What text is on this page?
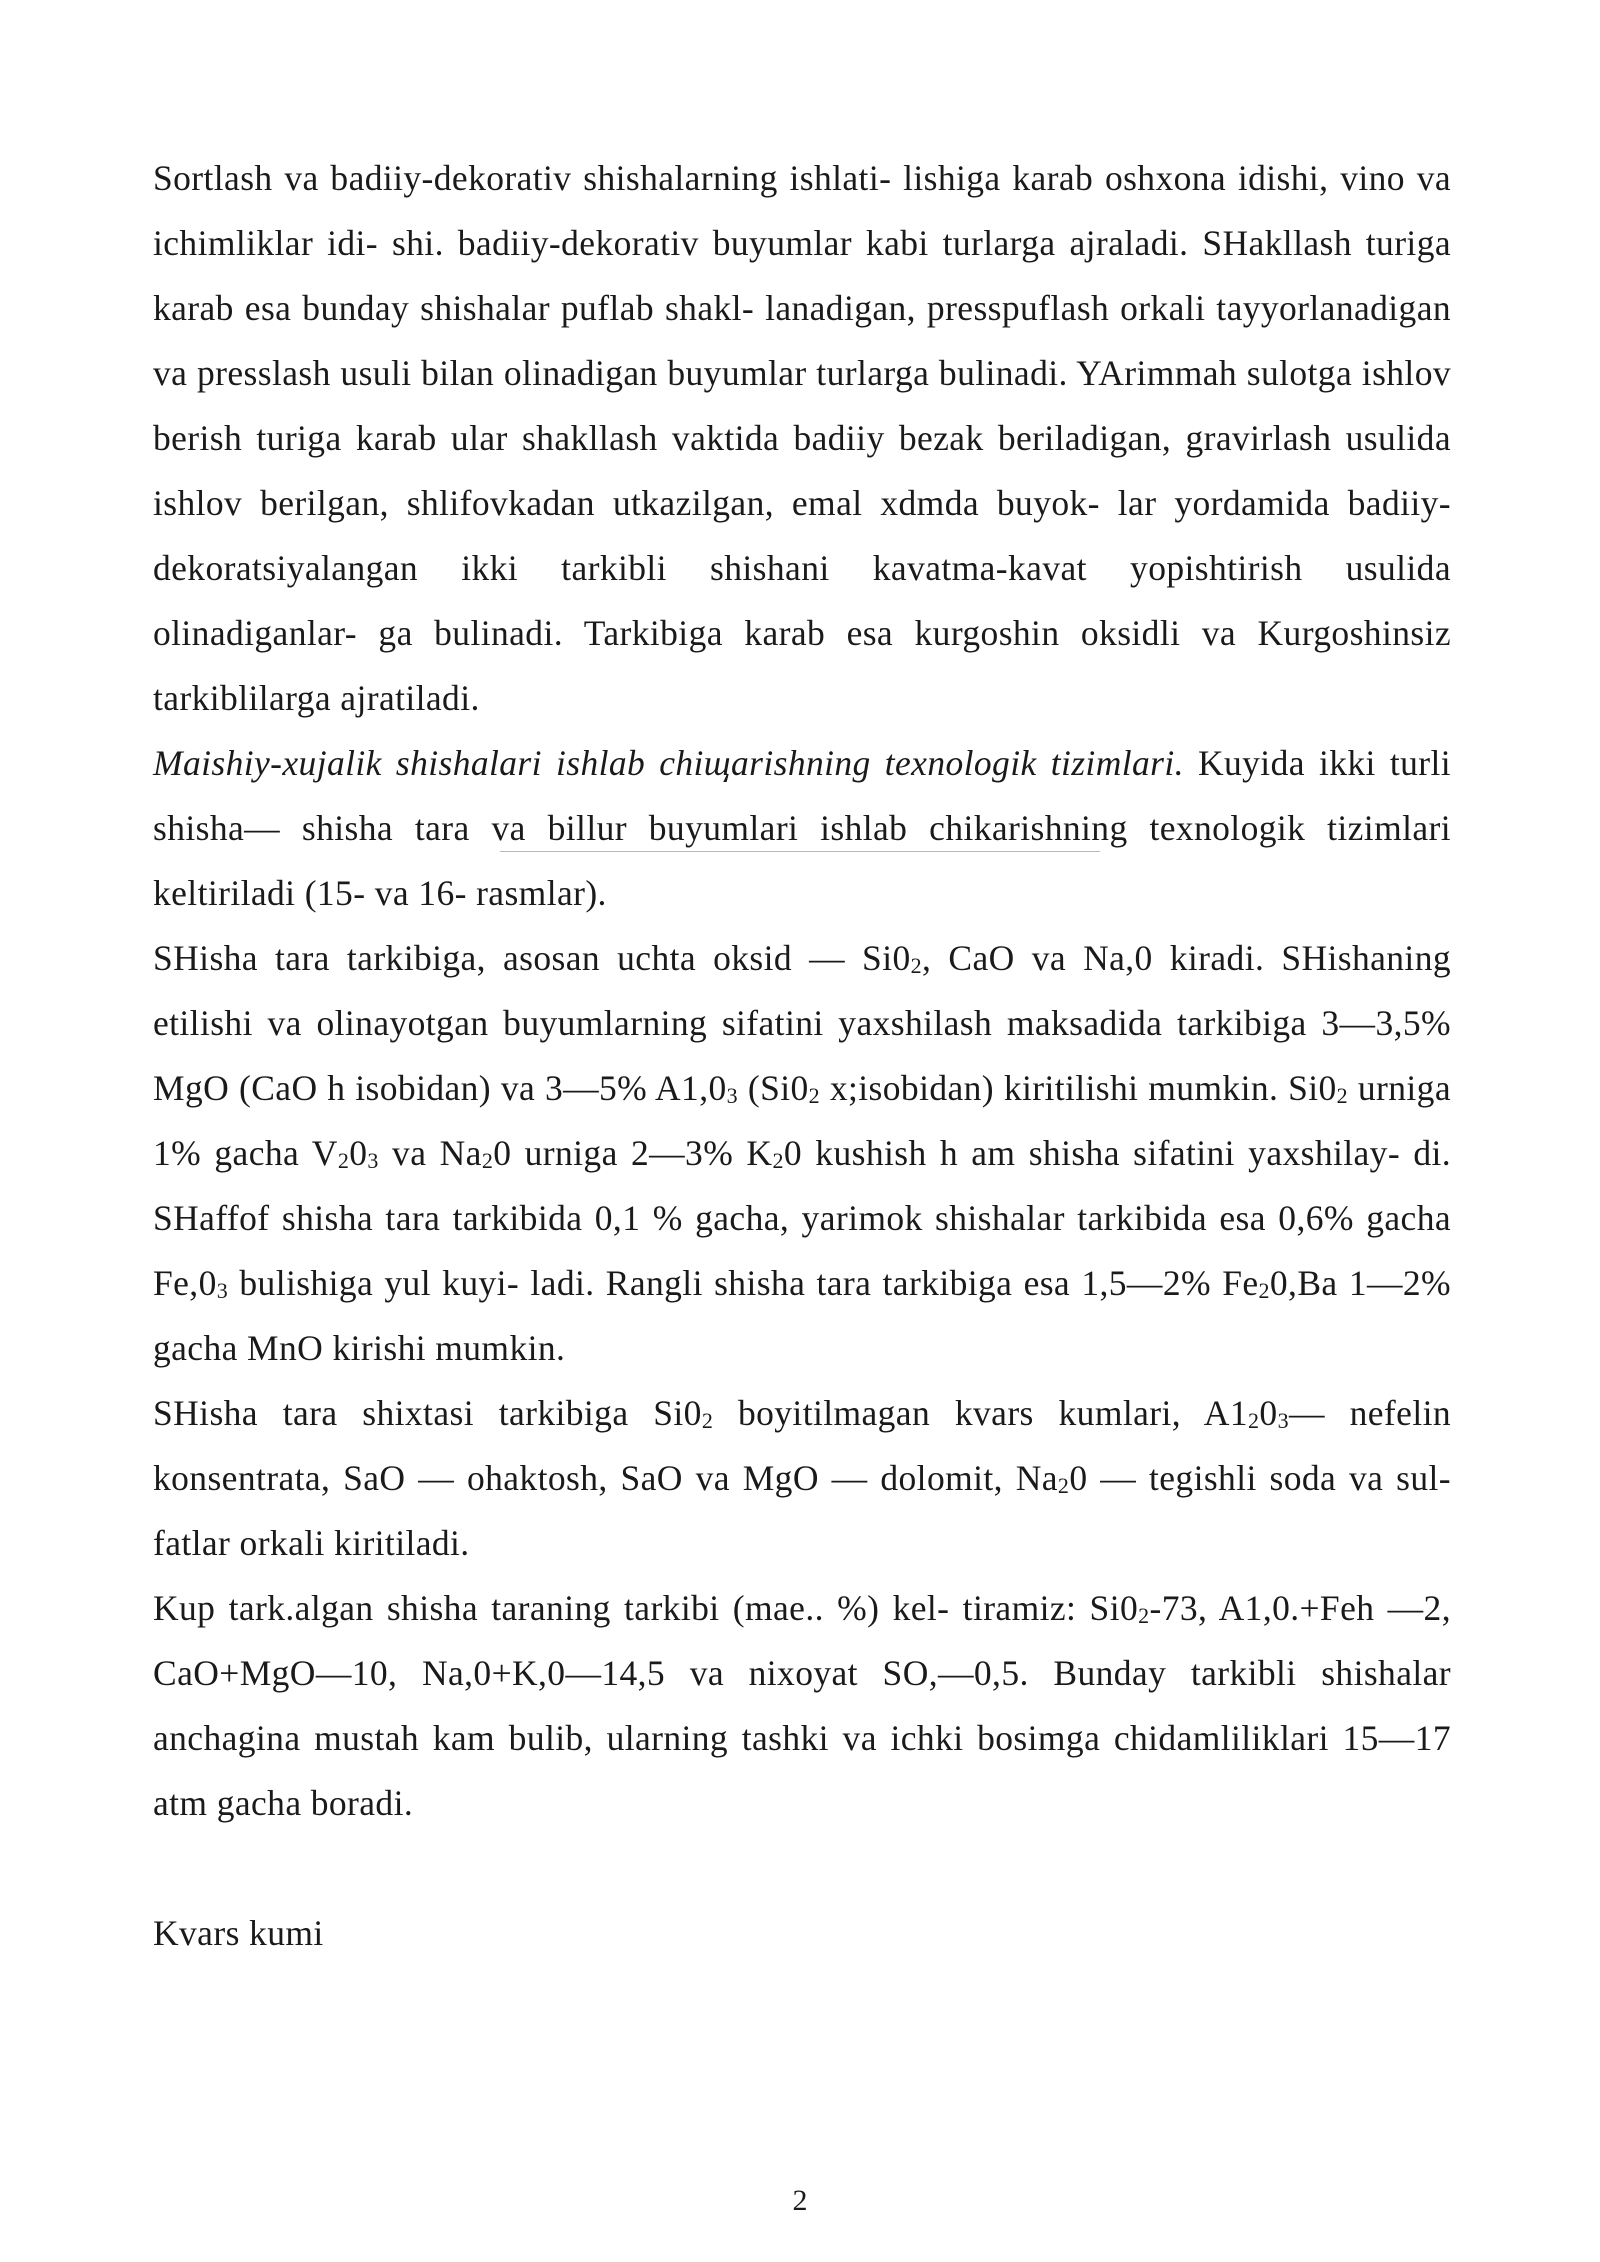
Sortlash va badiiy-dekorativ shishalarning ishlati- lishiga karab oshxona idishi, vino va ichimliklar idi- shi. badiiy-dekorativ buyumlar kabi turlarga ajraladi. SHakllash turiga karab esa bunday shishalar puflab shakl- lanadigan, presspuflash orkali tayyorlanadigan va presslash usuli bilan olinadigan buyumlar turlarga bulinadi. YArimmah sulotga ishlov berish turiga karab ular shakllash vaktida badiiy bezak beriladigan, gravirlash usulida ishlov berilgan, shlifovkadan utkazilgan, emal xdmda buyok- lar yordamida badiiy-dekoratsiyalangan ikki tarkibli shishani kavatma-kavat yopishtirish usulida olinadiganlar- ga bulinadi. Tarkibiga karab esa kurgoshin oksidli va Kurgoshinsiz tarkiblilarga ajratiladi.

Maishiy-xujalik shishalari ishlab chiщarishning texnologik tizimlari. Kuyida ikki turli shisha— shisha tara va billur buyumlari ishlab chikarishning texnologik tizimlari keltiriladi (15- va 16- rasmlar).

SHisha tara tarkibiga, asosan uchta oksid — $Si0_2$, CaO va Na,0 kiradi. SHishaning etilishi va olinayotgan buyumlarning sifatini yaxshilash maksadida tarkibiga 3—3,5% MgO (CaO h isobidan) va 3—5% $A1,0_3$ ($Si0_2$ x;isobidan) kiritilishi mumkin. $Si0_2$ urniga 1% gacha $V_20_3$ va $Na_20$ urniga 2—3% $K_20$ kushish h am shisha sifatini yaxshilay- di. SHaffof shisha tara tarkibida 0,1 % gacha, yarimok shishalar tarkibida esa 0,6% gacha $Fe,0_3$ bulishiga yul kuyi- ladi. Rangli shisha tara tarkibiga esa 1,5—2% $Fe_20,Ba$ 1—2% gacha MnO kirishi mumkin.

SHisha tara shixtasi tarkibiga $Si0_2$ boyitilmagan kvars kumlari, $A1_20_3—$ nefelin konsentrata, SaO — ohaktosh, SaO va MgO — dolomit, $Na_20$ — tegishli soda va sul- fatlar orkali kiritiladi.

Kup tark.algan shisha taraning tarkibi (mae.. %) kel- tiramiz: $Si0_2-73$, A1,0.+Feh —2, CaO+MgO—10, Na,0+K,0—14,5 va nixoyat SO,—0,5. Bunday tarkibli shishalar anchagina mustah kam bulib, ularning tashki va ichki bosimga chidamliliklari 15—17 atm gacha boradi.

Kvars kumi

2
